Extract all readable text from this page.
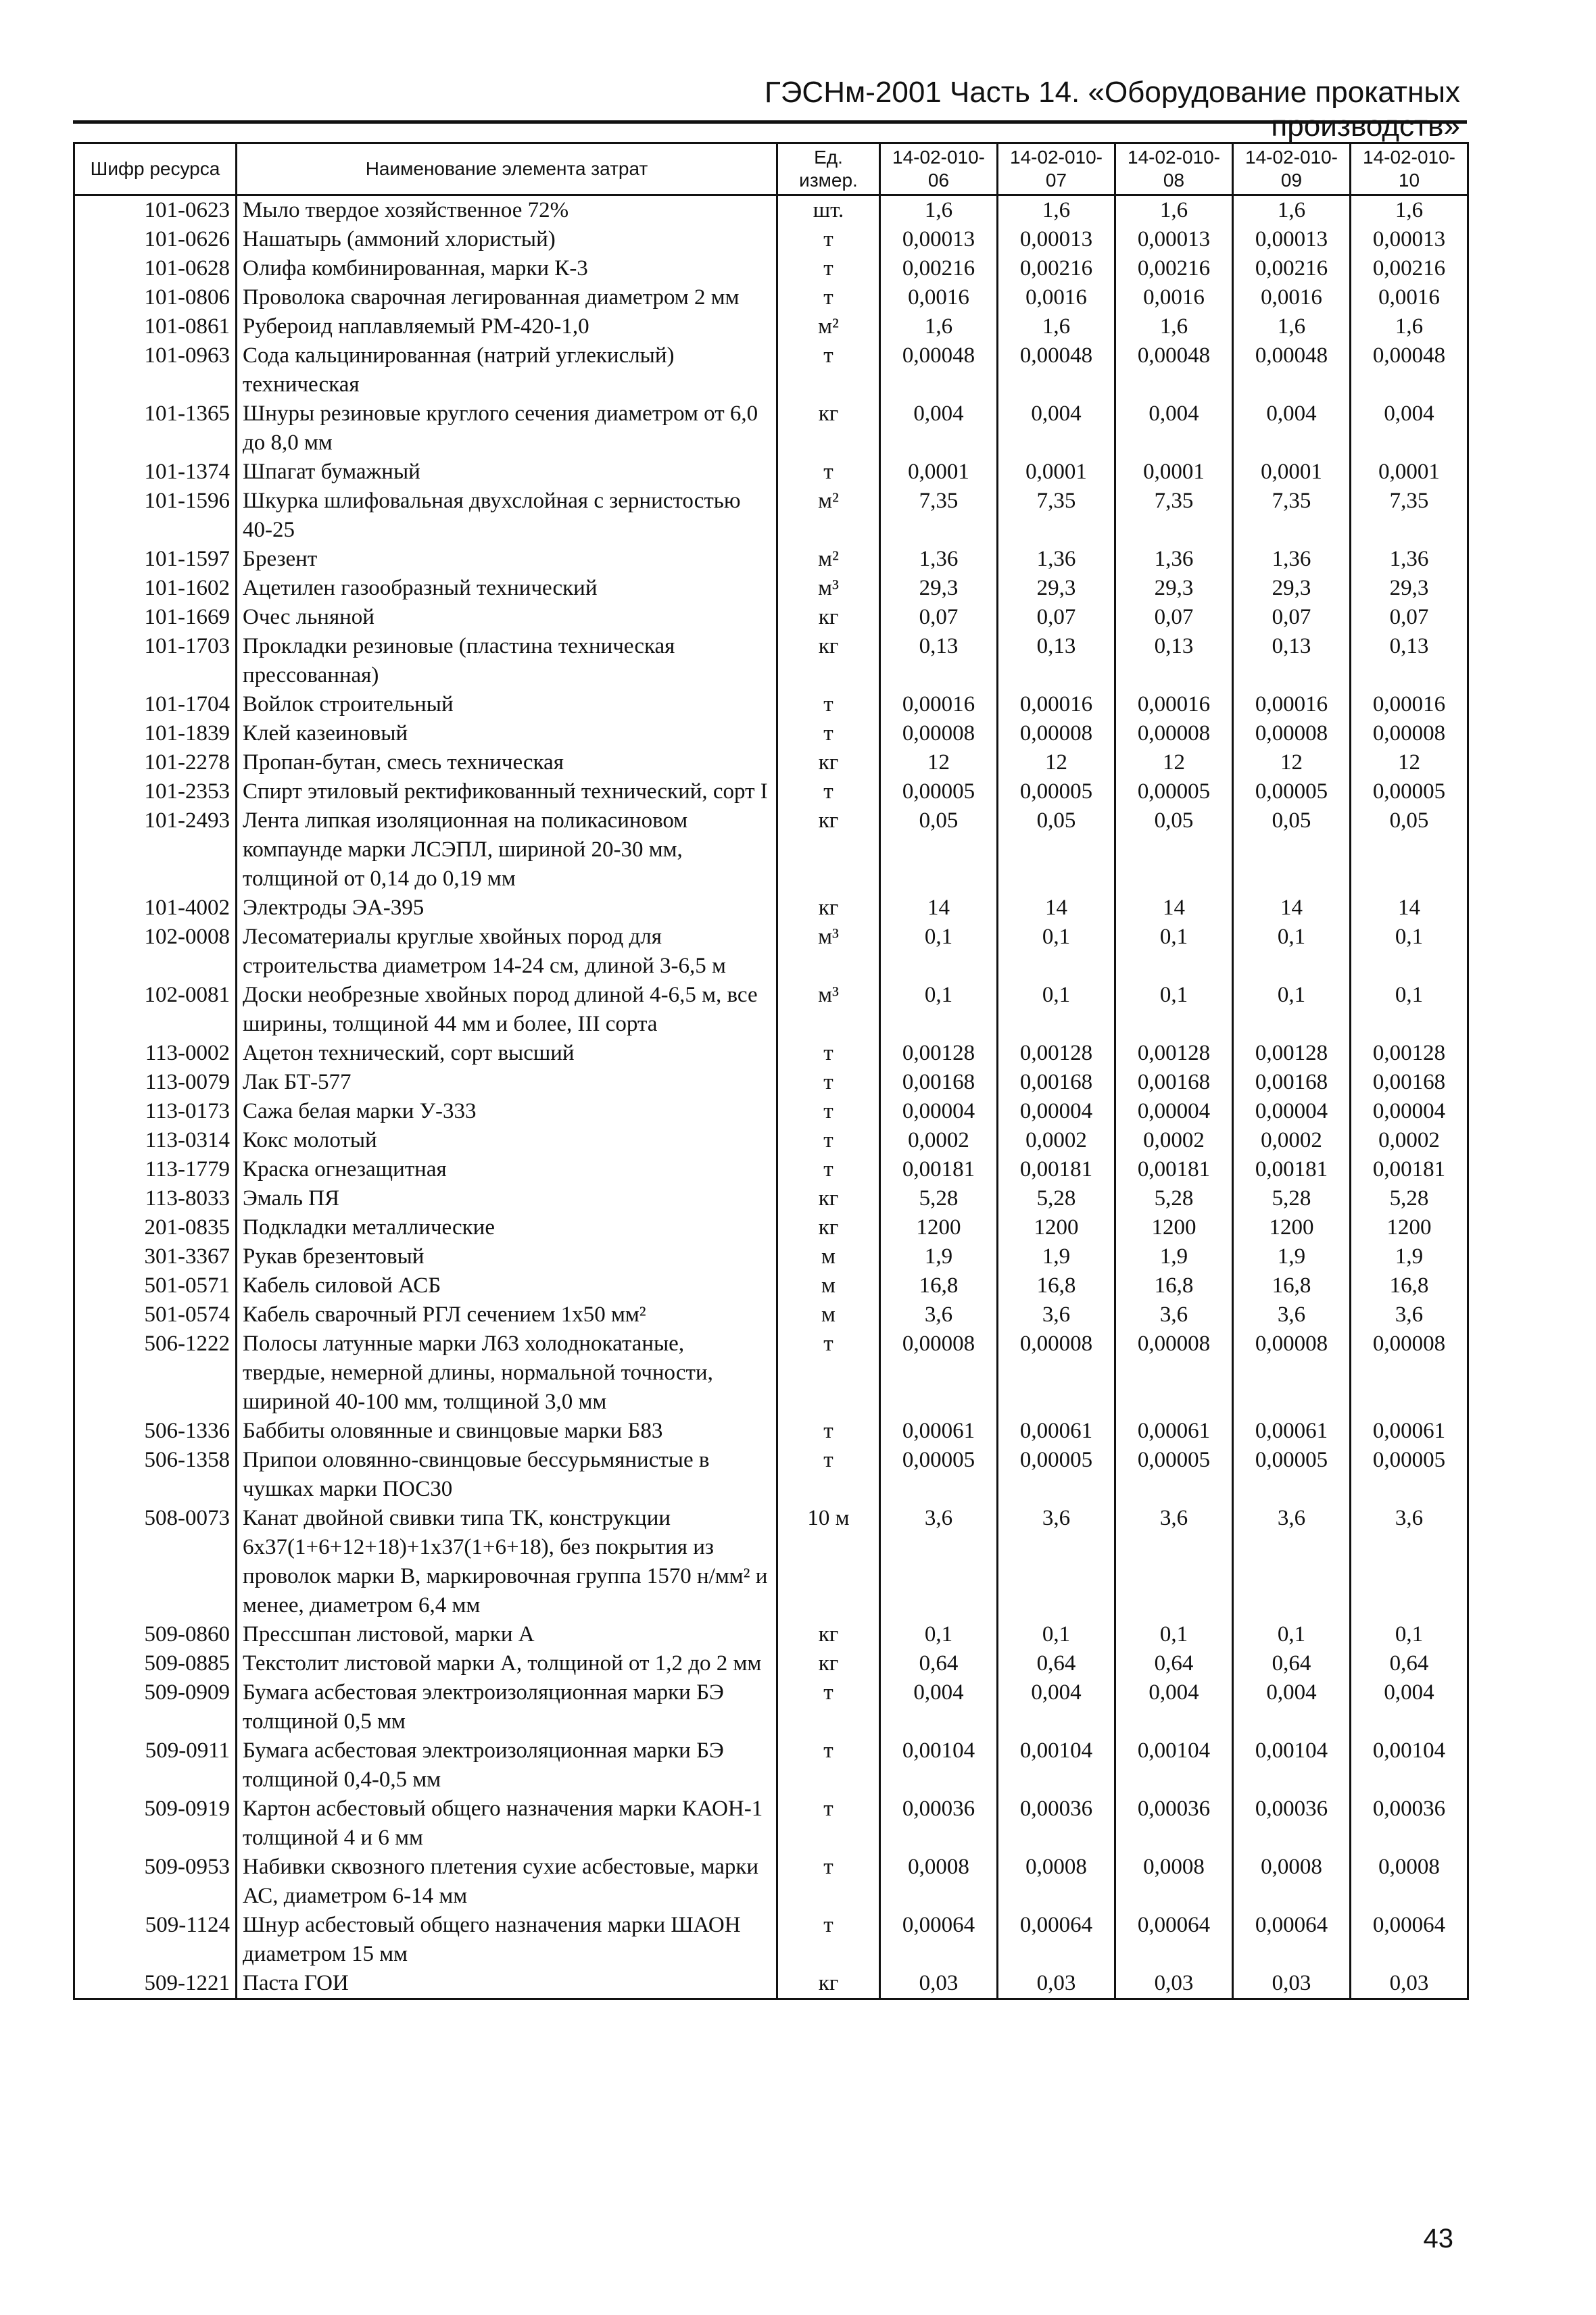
ГЭСНм-2001 Часть 14. «Оборудование прокатных производств»
Шифр ресурса	Наименование элемента затрат	Ед. измер.	14-02-010-06	14-02-010-07	14-02-010-08	14-02-010-09	14-02-010-10
101-0623	Мыло твердое хозяйственное 72%	шт.	1,6	1,6	1,6	1,6	1,6
101-0626	Нашатырь (аммоний хлористый)	т	0,00013	0,00013	0,00013	0,00013	0,00013
101-0628	Олифа комбинированная, марки К-3	т	0,00216	0,00216	0,00216	0,00216	0,00216
101-0806	Проволока сварочная легированная диаметром 2 мм	т	0,0016	0,0016	0,0016	0,0016	0,0016
101-0861	Рубероид наплавляемый РМ-420-1,0	м²	1,6	1,6	1,6	1,6	1,6
101-0963	Сода кальцинированная (натрий углекислый) техническая	т	0,00048	0,00048	0,00048	0,00048	0,00048
101-1365	Шнуры резиновые круглого сечения диаметром от 6,0 до 8,0 мм	кг	0,004	0,004	0,004	0,004	0,004
101-1374	Шпагат бумажный	т	0,0001	0,0001	0,0001	0,0001	0,0001
101-1596	Шкурка шлифовальная двухслойная с зернистостью 40-25	м²	7,35	7,35	7,35	7,35	7,35
101-1597	Брезент	м²	1,36	1,36	1,36	1,36	1,36
101-1602	Ацетилен газообразный технический	м³	29,3	29,3	29,3	29,3	29,3
101-1669	Очес льняной	кг	0,07	0,07	0,07	0,07	0,07
101-1703	Прокладки резиновые (пластина техническая прессованная)	кг	0,13	0,13	0,13	0,13	0,13
101-1704	Войлок строительный	т	0,00016	0,00016	0,00016	0,00016	0,00016
101-1839	Клей казеиновый	т	0,00008	0,00008	0,00008	0,00008	0,00008
101-2278	Пропан-бутан, смесь техническая	кг	12	12	12	12	12
101-2353	Спирт этиловый ректификованный технический, сорт I	т	0,00005	0,00005	0,00005	0,00005	0,00005
101-2493	Лента липкая изоляционная на поликасиновом компаунде марки ЛСЭПЛ, шириной 20-30 мм, толщиной от 0,14 до 0,19 мм	кг	0,05	0,05	0,05	0,05	0,05
101-4002	Электроды ЭА-395	кг	14	14	14	14	14
102-0008	Лесоматериалы круглые хвойных пород для строительства диаметром 14-24 см, длиной 3-6,5 м	м³	0,1	0,1	0,1	0,1	0,1
102-0081	Доски необрезные хвойных пород длиной 4-6,5 м, все ширины, толщиной 44 мм и более, III сорта	м³	0,1	0,1	0,1	0,1	0,1
113-0002	Ацетон технический, сорт высший	т	0,00128	0,00128	0,00128	0,00128	0,00128
113-0079	Лак БТ-577	т	0,00168	0,00168	0,00168	0,00168	0,00168
113-0173	Сажа белая марки У-333	т	0,00004	0,00004	0,00004	0,00004	0,00004
113-0314	Кокс молотый	т	0,0002	0,0002	0,0002	0,0002	0,0002
113-1779	Краска огнезащитная	т	0,00181	0,00181	0,00181	0,00181	0,00181
113-8033	Эмаль ПЯ	кг	5,28	5,28	5,28	5,28	5,28
201-0835	Подкладки металлические	кг	1200	1200	1200	1200	1200
301-3367	Рукав брезентовый	м	1,9	1,9	1,9	1,9	1,9
501-0571	Кабель силовой АСБ	м	16,8	16,8	16,8	16,8	16,8
501-0574	Кабель сварочный РГЛ сечением 1х50 мм²	м	3,6	3,6	3,6	3,6	3,6
506-1222	Полосы латунные марки Л63 холоднокатаные, твердые, немерной длины, нормальной точности, шириной 40-100 мм, толщиной 3,0 мм	т	0,00008	0,00008	0,00008	0,00008	0,00008
506-1336	Баббиты оловянные и свинцовые марки Б83	т	0,00061	0,00061	0,00061	0,00061	0,00061
506-1358	Припои оловянно-свинцовые бессурьмянистые в чушках марки ПОС30	т	0,00005	0,00005	0,00005	0,00005	0,00005
508-0073	Канат двойной свивки типа ТК, конструкции 6х37(1+6+12+18)+1х37(1+6+18), без покрытия из проволок марки В, маркировочная группа 1570 н/мм² и менее, диаметром 6,4 мм	10 м	3,6	3,6	3,6	3,6	3,6
509-0860	Прессшпан листовой, марки А	кг	0,1	0,1	0,1	0,1	0,1
509-0885	Текстолит листовой марки А, толщиной от 1,2 до 2 мм	кг	0,64	0,64	0,64	0,64	0,64
509-0909	Бумага асбестовая электроизоляционная марки БЭ толщиной 0,5 мм	т	0,004	0,004	0,004	0,004	0,004
509-0911	Бумага асбестовая электроизоляционная марки БЭ толщиной 0,4-0,5 мм	т	0,00104	0,00104	0,00104	0,00104	0,00104
509-0919	Картон асбестовый общего назначения марки КАОН-1 толщиной 4 и 6 мм	т	0,00036	0,00036	0,00036	0,00036	0,00036
509-0953	Набивки сквозного плетения сухие асбестовые, марки АС, диаметром 6-14 мм	т	0,0008	0,0008	0,0008	0,0008	0,0008
509-1124	Шнур асбестовый общего назначения марки ШАОН диаметром 15 мм	т	0,00064	0,00064	0,00064	0,00064	0,00064
509-1221	Паста ГОИ	кг	0,03	0,03	0,03	0,03	0,03
43
